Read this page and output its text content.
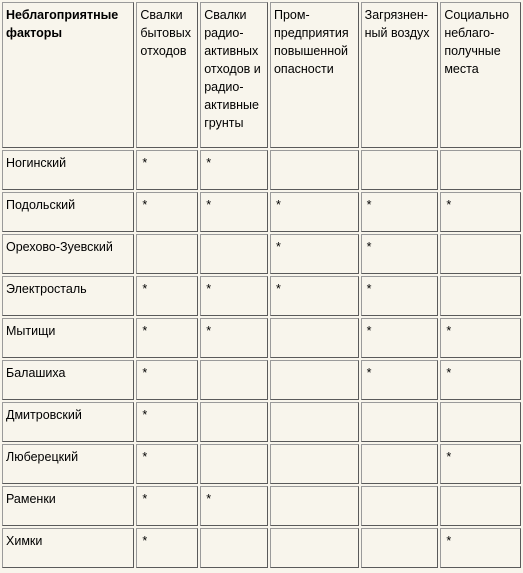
Неблагоприятные факторы	Свалки бытовых отходов	Свалки радио-активных отходов и радио-активные грунты	Пром-предприятия повышенной опасности	Загрязнен-ный воздух	Социально неблаго-получные места
Ногинский	*	*			
Подольский	*	*	*	*	*
Орехово-Зуевский			*	*	
Электросталь	*	*	*	*	
Мытищи	*	*		*	*
Балашиха	*			*	*
Дмитровский	*				
Люберецкий	*				*
Раменки	*	*			
Химки	*				*
